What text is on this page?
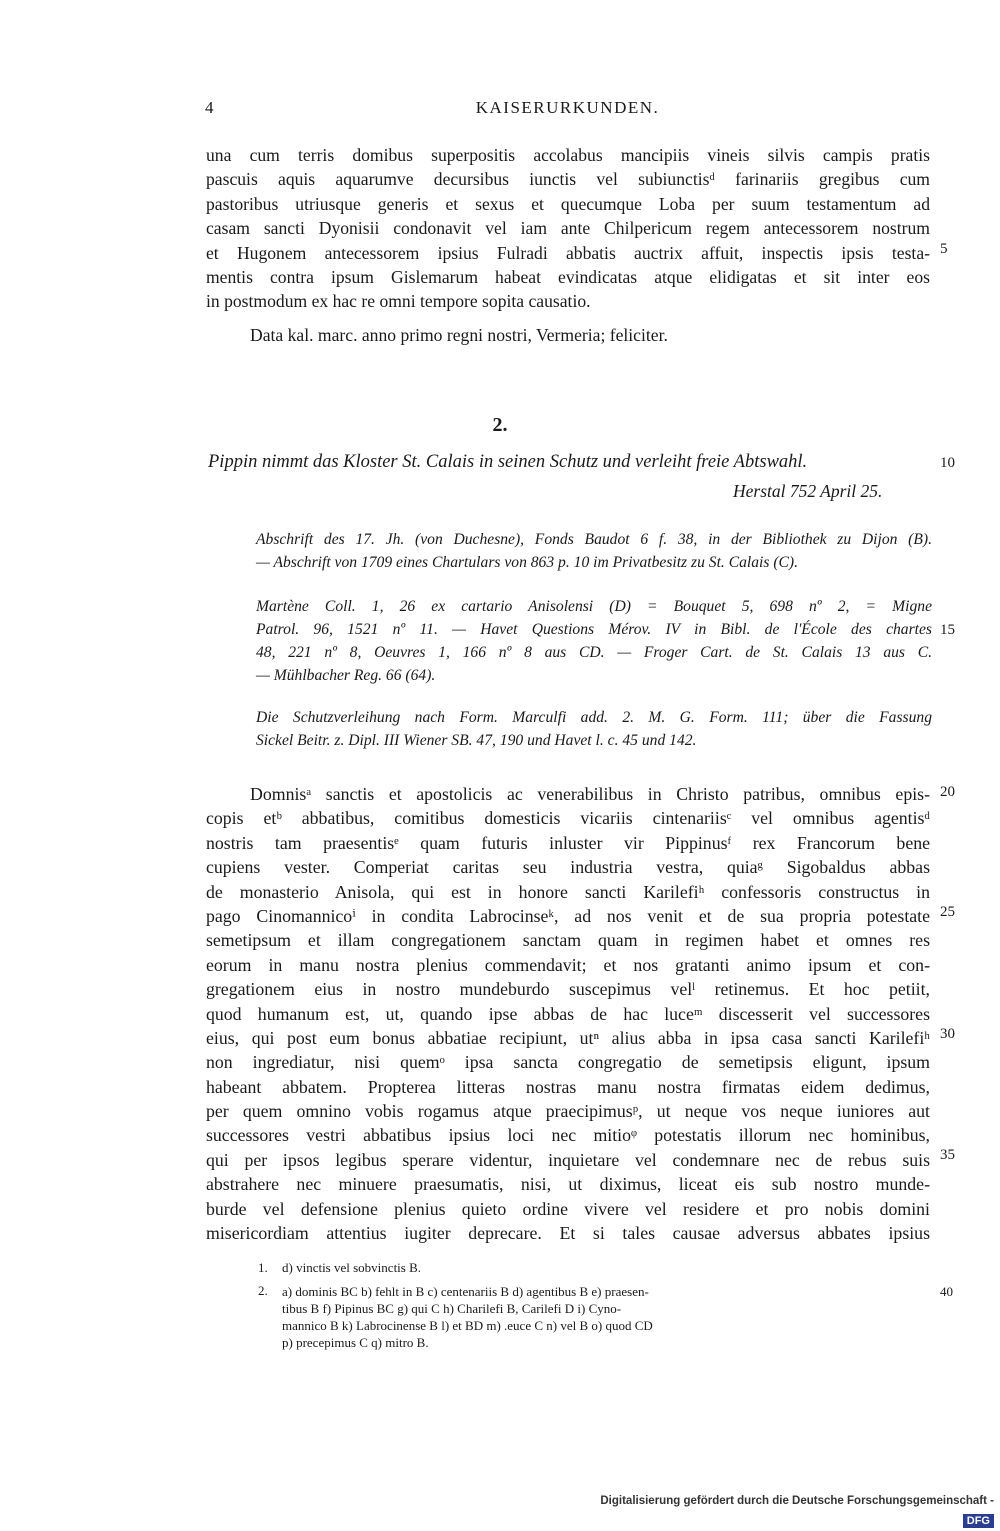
4	KAISERURKUNDEN.
una cum terris domibus superpositis accolabus mancipiis vineis silvis campis pratis
pascuis aquis aquarumve decursibus iunctis vel subiunctisᵈ farinariis gregibus cum
pastoribus utriusque generis et sexus et quecumque Loba per suum testamentum ad
casam sancti Dyonisii condonavit vel iam ante Chilpericum regem antecessorem nostrum
et Hugonem antecessorem ipsius Fulradi abbatis auctrix affuit, inspectis ipsis testa-
mentis contra ipsum Gislemarum habeat evindicatas atque elidigatas et sit inter eos
in postmodum ex hac re omni tempore sopita causatio.
5
Data kal. marc. anno primo regni nostri, Vermeria; feliciter.
2.
Pippin nimmt das Kloster St. Calais in seinen Schutz und verleiht freie Abtswahl.	10
Herstal 752 April 25.
Abschrift des 17. Jh. (von Duchesne), Fonds Baudot 6 f. 38, in der Bibliothek zu Dijon (B).
— Abschrift von 1709 eines Chartulars von 863 p. 10 im Privatbesitz zu St. Calais (C).
Martène Coll. 1, 26 ex cartario Anisolensi (D) = Bouquet 5, 698 nº 2, = Migne
Patrol. 96, 1521 nº 11. — Havet Questions Mérov. IV in Bibl. de l'École des chartes
48, 221 nº 8, Oeuvres 1, 166 nº 8 aus CD. — Froger Cart. de St. Calais 13 aus C.
— Mühlbacher Reg. 66 (64).
15
Die Schutzverleihung nach Form. Marculfi add. 2. M. G. Form. 111; über die Fassung
Sickel Beitr. z. Dipl. III Wiener SB. 47, 190 und Havet l. c. 45 und 142.
Domnisᵃ sanctis et apostolicis ac venerabilibus in Christo patribus, omnibus epis-
copis etᵇ abbatibus, comitibus domesticis vicariis cintenariisᶜ vel omnibus agentisᵈ
nostris tam praesentisᵉ quam futuris inluster vir Pippinusᶠ rex Francorum bene
cupiens vester. Comperiat caritas seu industria vestra, quiaᵍ Sigobaldus abbas
de monasterio Anisola, qui est in honore sancti Karilefiʰ confessoris constructus in
pago Cinomannicoⁱ in condita Labrocinseᵏ, ad nos venit et de sua propria potestate
semetipsum et illam congregationem sanctam quam in regimen habet et omnes res
eorum in manu nostra plenius commendavit; et nos gratanti animo ipsum et con-
gregationem eius in nostro mundeburdo suscepimus velˡ retinemus. Et hoc petiit,
quod humanum est, ut, quando ipse abbas de hac luceᵐ discesserit vel successores
eius, qui post eum bonus abbatiae recipiunt, utⁿ alius abba in ipsa casa sancti Karilefiʰ
non ingrediatur, nisi quemᵒ ipsa sancta congregatio de semetipsis eligunt, ipsum
habeant abbatem. Propterea litteras nostras manu nostra firmatas eidem dedimus,
per quem omnino vobis rogamus atque praecipimusᵖ, ut neque vos neque iuniores aut
successores vestri abbatibus ipsius loci nec mitioᵠ potestatis illorum nec hominibus,
qui per ipsos legibus sperare videntur, inquietare vel condemnare nec de rebus suis
abstrahere nec minuere praesumatis, nisi, ut diximus, liceat eis sub nostro munde-
burde vel defensione plenius quieto ordine vivere vel residere et pro nobis domini
misericordiam attentius iugiter deprecare. Et si tales causae adversus abbates ipsius
20
25
30
35
1. d) vinctis vel sobvinctis B.
2. a) dominis BC b) fehlt in B c) centenariis B d) agentibus B e) praesen-
tibus B f) Pipinus BC g) qui C h) Charilefi B, Carilefi D i) Cyno-
mannico B k) Labrocinense B l) et BD m) .euce C n) vel B o) quod CD
p) precepimus C q) mitro B.
40
Digitalisierung gefördert durch die Deutsche Forschungsgemeinschaft -DFG
